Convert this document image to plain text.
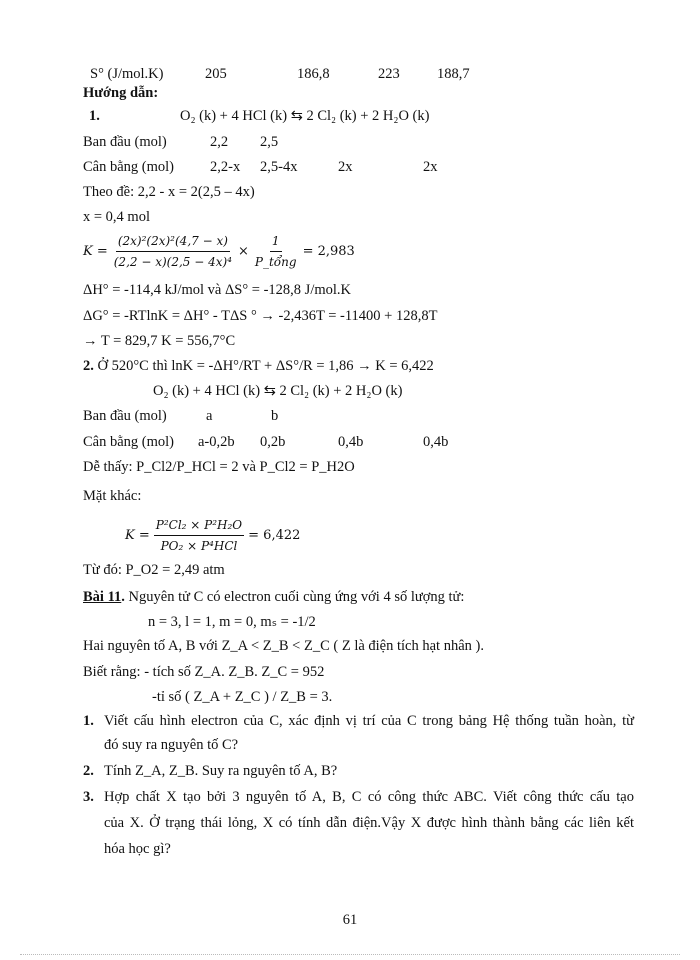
S° (J/mol.K)	205	186,8	223	188,7
Hướng dẫn:
1.	O₂ (k) + 4 HCl (k) ⇆ 2 Cl₂ (k) + 2 H₂O (k)
Ban đầu (mol)	2,2 2,5
Cân bằng (mol) 2,2-x 2,5-4x	2x	2x
Theo đề: 2,2 - x = 2(2,5 – 4x)
x = 0,4 mol
$K = \frac{\text{(2x)²(2x)²(4,7 − x)}}{\text{(2,2 − x)(2,5 − 4x)⁴}} \times \frac{1}{\text{P\_tổng}} = 2,983$
ΔH° = -114,4 kJ/mol và ΔS° = -128,8 J/mol.K
ΔG° = -RTlnK = ΔH° - TΔS ° → -2,436T = -11400 + 128,8T
→ T = 829,7 K = 556,7°C
2. Ở 520°C thì lnK = -ΔH°/RT + ΔS°/R = 1,86 → K = 6,422
O₂ (k) + 4 HCl (k) ⇆ 2 Cl₂ (k) + 2 H₂O (k)
Ban đầu (mol)	a	b
Cân bằng (mol) a-0,2b 0,2b	0,4b	0,4b
Dễ thấy: P_Cl2/P_HCl = 2 và P_Cl2 = P_H2O
Mặt khác:
$K = \frac{\text{P²Cl₂ × P²H₂O}}{\text{PO₂ × P⁴HCl}} = 6,422$
Từ đó: P_O2 = 2,49 atm
Bài 11. Nguyên tử C có electron cuối cùng ứng với 4 số lượng tử:
n = 3, l = 1, m = 0, mₛ = -1/2
Hai nguyên tố A, B với Z_A < Z_B < Z_C ( Z là điện tích hạt nhân ).
Biết rằng: - tích số Z_A. Z_B. Z_C = 952
-tỉ số ( Z_A + Z_C ) / Z_B = 3.
1. Viết cấu hình electron của C, xác định vị trí của C trong bảng Hệ thống tuần hoàn, từ
đó suy ra nguyên tố C?
2. Tính Z_A, Z_B. Suy ra nguyên tố A, B?
3. Hợp chất X tạo bởi 3 nguyên tố A, B, C có công thức ABC. Viết công thức cấu tạo
của X. Ở trạng thái lỏng, X có tính dẫn điện.Vậy X được hình thành bằng các liên kết
hóa học gì?
61
